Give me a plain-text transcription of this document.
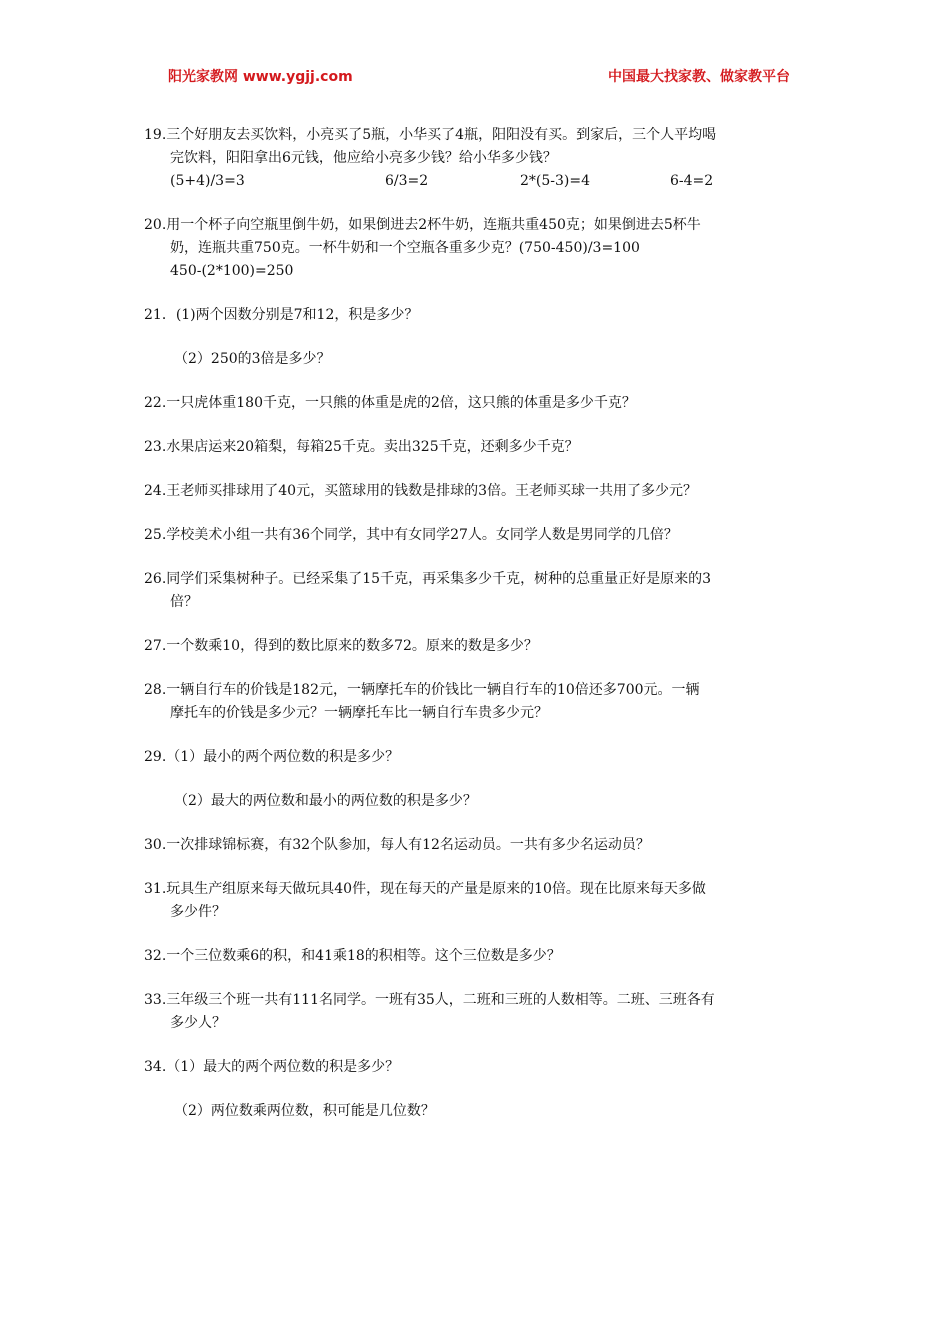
阳光家教网 www.ygjj.com	中国最大找家教、做家教平台
19.三个好朋友去买饮料，小亮买了5瓶，小华买了4瓶，阳阳没有买。到家后，三个人平均喝
完饮料，阳阳拿出6元钱，他应给小亮多少钱？给小华多少钱？
(5+4)/3=3	6/3=2	2*(5-3)=4	6-4=2
20.用一个杯子向空瓶里倒牛奶，如果倒进去2杯牛奶，连瓶共重450克；如果倒进去5杯牛
奶，连瓶共重750克。一杯牛奶和一个空瓶各重多少克？(750-450)/3=100
450-(2*100)=250
21．(1)两个因数分别是7和12，积是多少？
（2）250的3倍是多少？
22.一只虎体重180千克，一只熊的体重是虎的2倍，这只熊的体重是多少千克？
23.水果店运来20箱梨，每箱25千克。卖出325千克，还剩多少千克？
24.王老师买排球用了40元，买篮球用的钱数是排球的3倍。王老师买球一共用了多少元？
25.学校美术小组一共有36个同学，其中有女同学27人。女同学人数是男同学的几倍？
26.同学们采集树种子。已经采集了15千克，再采集多少千克，树种的总重量正好是原来的3
倍？
27.一个数乘10，得到的数比原来的数多72。原来的数是多少？
28.一辆自行车的价钱是182元，一辆摩托车的价钱比一辆自行车的10倍还多700元。一辆
摩托车的价钱是多少元？一辆摩托车比一辆自行车贵多少元？
29.（1）最小的两个两位数的积是多少？
（2）最大的两位数和最小的两位数的积是多少？
30.一次排球锦标赛，有32个队参加，每人有12名运动员。一共有多少名运动员？
31.玩具生产组原来每天做玩具40件，现在每天的产量是原来的10倍。现在比原来每天多做
多少件？
32.一个三位数乘6的积，和41乘18的积相等。这个三位数是多少？
33.三年级三个班一共有111名同学。一班有35人，二班和三班的人数相等。二班、三班各有
多少人？
34.（1）最大的两个两位数的积是多少？
（2）两位数乘两位数，积可能是几位数？
